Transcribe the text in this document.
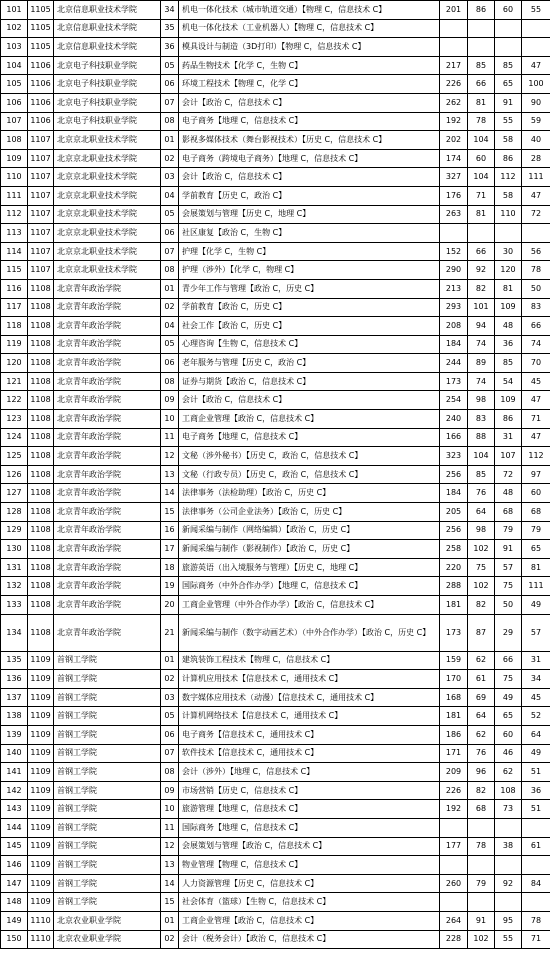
101	1105	北京信息职业技术学院	34	机电一体化技术（城市轨道交通）【物理 C，信息技术 C】	201	86	60	55
102	1105	北京信息职业技术学院	35	机电一体化技术（工业机器人）【物理 C，信息技术 C】				
103	1105	北京信息职业技术学院	36	模具设计与制造（3D打印）【物理 C，信息技术 C】				
104	1106	北京电子科技职业学院	05	药品生物技术【化学 C，生物 C】	217	85	85	47
105	1106	北京电子科技职业学院	06	环境工程技术【物理 C，化学 C】	226	66	65	100
106	1106	北京电子科技职业学院	07	会计【政治 C，信息技术 C】	262	81	91	90
107	1106	北京电子科技职业学院	08	电子商务【地理 C，信息技术 C】	192	78	55	59
108	1107	北京京北职业技术学院	01	影视多媒体技术（舞台影视技术）【历史 C，信息技术 C】	202	104	58	40
109	1107	北京京北职业技术学院	02	电子商务（跨境电子商务）【地理 C，信息技术 C】	174	60	86	28
110	1107	北京京北职业技术学院	03	会计【政治 C，信息技术 C】	327	104	112	111
111	1107	北京京北职业技术学院	04	学前教育【历史 C，政治 C】	176	71	58	47
112	1107	北京京北职业技术学院	05	会展策划与管理【历史 C，地理 C】	263	81	110	72
113	1107	北京京北职业技术学院	06	社区康复【政治 C，生物 C】				
114	1107	北京京北职业技术学院	07	护理【化学 C，生物 C】	152	66	30	56
115	1107	北京京北职业技术学院	08	护理（涉外）【化学 C，物理 C】	290	92	120	78
116	1108	北京青年政治学院	01	青少年工作与管理【政治 C，历史 C】	213	82	81	50
117	1108	北京青年政治学院	02	学前教育【政治 C，历史 C】	293	101	109	83
118	1108	北京青年政治学院	04	社会工作【政治 C，历史 C】	208	94	48	66
119	1108	北京青年政治学院	05	心理咨询【生物 C，信息技术 C】	184	74	36	74
120	1108	北京青年政治学院	06	老年服务与管理【历史 C，政治 C】	244	89	85	70
121	1108	北京青年政治学院	08	证券与期货【政治 C，信息技术 C】	173	74	54	45
122	1108	北京青年政治学院	09	会计【政治 C，信息技术 C】	254	98	109	47
123	1108	北京青年政治学院	10	工商企业管理【政治 C，信息技术 C】	240	83	86	71
124	1108	北京青年政治学院	11	电子商务【地理 C，信息技术 C】	166	88	31	47
125	1108	北京青年政治学院	12	文秘（涉外秘书）【历史 C，政治 C，信息技术 C】	323	104	107	112
126	1108	北京青年政治学院	13	文秘（行政专员）【历史 C，政治 C，信息技术 C】	256	85	72	97
127	1108	北京青年政治学院	14	法律事务（法检助理）【政治 C，历史 C】	184	76	48	60
128	1108	北京青年政治学院	15	法律事务（公司企业法务）【政治 C，历史 C】	205	64	68	68
129	1108	北京青年政治学院	16	新闻采编与制作（网络编辑）【政治 C，历史 C】	256	98	79	79
130	1108	北京青年政治学院	17	新闻采编与制作（影视制作）【政治 C，历史 C】	258	102	91	65
131	1108	北京青年政治学院	18	旅游英语（出入境服务与管理）【历史 C，地理 C】	220	75	57	81
132	1108	北京青年政治学院	19	国际商务（中外合作办学）【地理 C，信息技术 C】	288	102	75	111
133	1108	北京青年政治学院	20	工商企业管理（中外合作办学）【政治 C，信息技术 C】	181	82	50	49
134	1108	北京青年政治学院	21	新闻采编与制作（数字动画艺术）（中外合作办学）【政治 C，历史 C】	173	87	29	57
135	1109	首钢工学院	01	建筑装饰工程技术【物理 C，信息技术 C】	159	62	66	31
136	1109	首钢工学院	02	计算机应用技术【信息技术 C，通用技术 C】	170	61	75	34
137	1109	首钢工学院	03	数字媒体应用技术（动漫）【信息技术 C，通用技术 C】	168	69	49	45
138	1109	首钢工学院	05	计算机网络技术【信息技术 C，通用技术 C】	181	64	65	52
139	1109	首钢工学院	06	电子商务【信息技术 C，通用技术 C】	186	62	60	64
140	1109	首钢工学院	07	软件技术【信息技术 C，通用技术 C】	171	76	46	49
141	1109	首钢工学院	08	会计（涉外）【地理 C，信息技术 C】	209	96	62	51
142	1109	首钢工学院	09	市场营销【历史 C，信息技术 C】	226	82	108	36
143	1109	首钢工学院	10	旅游管理【地理 C，信息技术 C】	192	68	73	51
144	1109	首钢工学院	11	国际商务【地理 C，信息技术 C】				
145	1109	首钢工学院	12	会展策划与管理【政治 C，信息技术 C】	177	78	38	61
146	1109	首钢工学院	13	物业管理【物理 C，信息技术 C】				
147	1109	首钢工学院	14	人力资源管理【历史 C，信息技术 C】	260	79	92	84
148	1109	首钢工学院	15	社会体育（篮球）【生物 C，信息技术 C】				
149	1110	北京农业职业学院	01	工商企业管理【政治 C，信息技术 C】	264	91	95	78
150	1110	北京农业职业学院	02	会计（税务会计）【政治 C，信息技术 C】	228	102	55	71
